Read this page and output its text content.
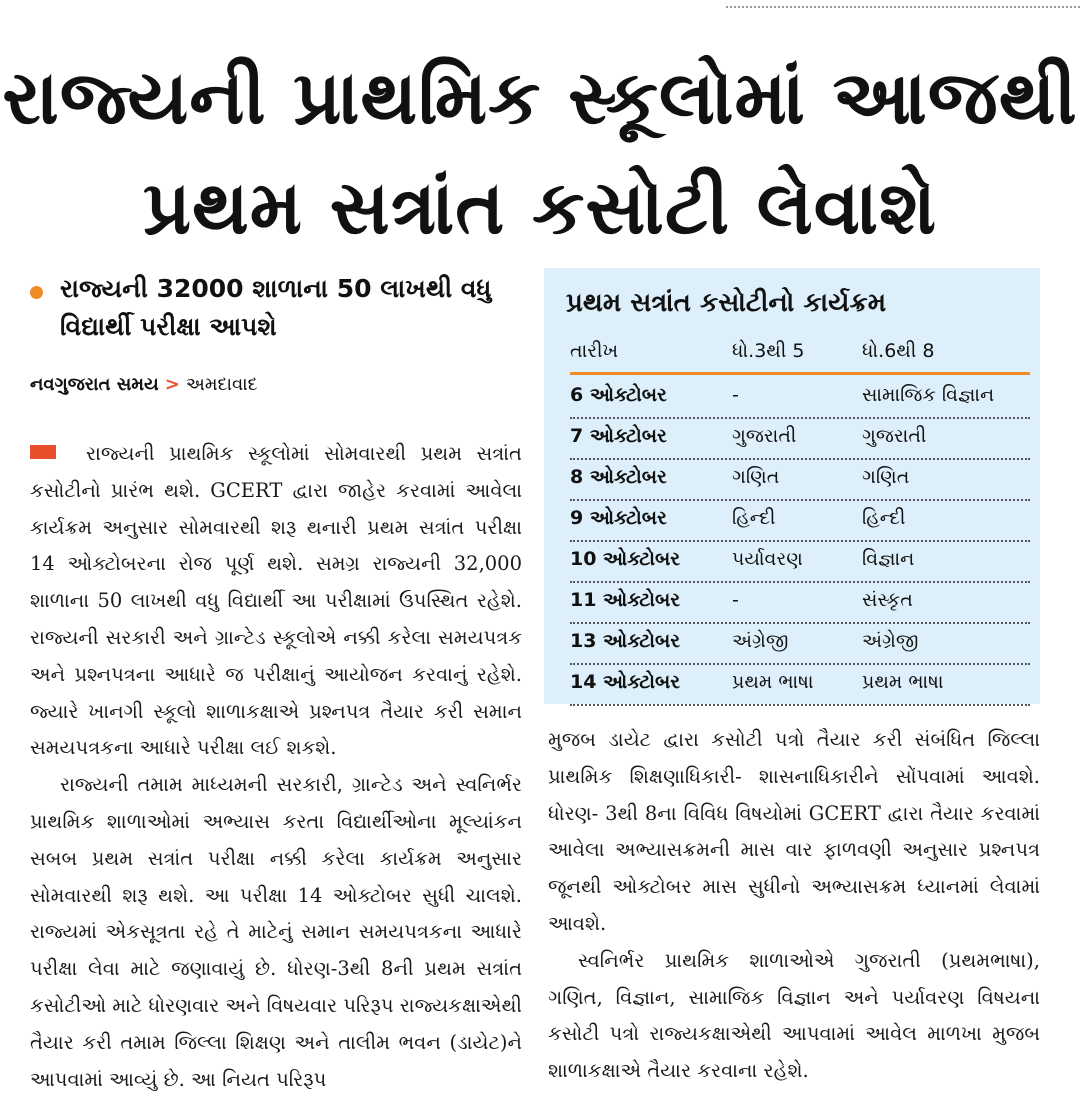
રાજ્યની પ્રાથમિક સ્કૂલોમાં આજથી
પ્રથમ સત્રાંત કસોટી લેવાશે
રાજ્યની 32000 શાળાના 50 લાખથી વધુ વિદ્યાર્થી પરીક્ષા આપશે
નવગુજરાત સમય > અમદાવાદ

રાજ્યની પ્રાથમિક સ્કૂલોમાં સોમવારથી પ્રથમ સત્રાંત કસોટીનો પ્રારંભ થશે. GCERT દ્વારા જાહેર કરવામાં આવેલા કાર્યક્રમ અનુસાર સોમવારથી શરૂ થનારી પ્રથમ સત્રાંત પરીક્ષા 14 ઓક્ટોબરના રોજ પૂર્ણ થશે. સમગ્ર રાજ્યની 32,000 શાળાના 50 લાખથી વધુ વિદ્યાર્થી આ પરીક્ષામાં ઉપસ્થિત રહેશે. રાજ્યની સરકારી અને ગ્રાન્ટેડ સ્કૂલોએ નક્કી કરેલા સમયપત્રક અને પ્રશ્નપત્રના આધારે જ પરીક્ષાનું આયોજન કરવાનું રહેશે. જ્યારે ખાનગી સ્કૂલો શાળાકક્ષાએ પ્રશ્નપત્ર તૈયાર કરી સમાન સમયપત્રકના આધારે પરીક્ષા લઈ શકશે.

રાજ્યની તમામ માધ્યમની સરકારી, ગ્રાન્ટેડ અને સ્વનિર્ભર પ્રાથમિક શાળાઓમાં અભ્યાસ કરતા વિદ્યાર્થીઓના મૂલ્યાંકન સબબ પ્રથમ સત્રાંત પરીક્ષા નક્કી કરેલા કાર્યક્રમ અનુસાર સોમવારથી શરૂ થશે. આ પરીક્ષા 14 ઓક્ટોબર સુધી ચાલશે. રાજ્યમાં એકસૂત્રતા રહે તે માટેનું સમાન સમયપત્રકના આધારે પરીક્ષા લેવા માટે જણાવાયું છે. ધોરણ-3થી 8ની પ્રથમ સત્રાંત કસોટીઓ માટે ધોરણવાર અને વિષયવાર પરિરૂપ રાજ્યકક્ષાએથી તૈયાર કરી તમામ જિલ્લા શિક્ષણ અને તાલીમ ભવન (ડાયેટ)ને આપવામાં આવ્યું છે. આ નિયત પરિરૂપ

પ્રથમ સત્રાંત કસોટીનો કાર્યક્રમ
તારીખ	ધો.3થી 5	ધો.6થી 8
6 ઓક્ટોબર	-	સામાજિક વિજ્ઞાન
7 ઓક્ટોબર	ગુજરાતી	ગુજરાતી
8 ઓક્ટોબર	ગણિત	ગણિત
9 ઓક્ટોબર	હિન્દી	હિન્દી
10 ઓક્ટોબર	પર્યાવરણ	વિજ્ઞાન
11 ઓક્ટોબર	-	સંસ્કૃત
13 ઓક્ટોબર	અંગ્રેજી	અંગ્રેજી
14 ઓક્ટોબર	પ્રથમ ભાષા	પ્રથમ ભાષા

મુજબ ડાયેટ દ્વારા કસોટી પત્રો તૈયાર કરી સંબંધિત જિલ્લા પ્રાથમિક શિક્ષણાધિકારી- શાસનાધિકારીને સોંપવામાં આવશે. ધોરણ- 3થી 8ના વિવિધ વિષયોમાં GCERT દ્વારા તૈયાર કરવામાં આવેલા અભ્યાસક્રમની માસ વાર ફાળવણી અનુસાર પ્રશ્નપત્ર જૂનથી ઓક્ટોબર માસ સુધીનો અભ્યાસક્રમ ધ્યાનમાં લેવામાં આવશે.

સ્વનિર્ભર પ્રાથમિક શાળાઓએ ગુજરાતી (પ્રથમભાષા), ગણિત, વિજ્ઞાન, સામાજિક વિજ્ઞાન અને પર્યાવરણ વિષયના કસોટી પત્રો રાજ્યકક્ષાએથી આપવામાં આવેલ માળખા મુજબ શાળાકક્ષાએ તૈયાર કરવાના રહેશે.
